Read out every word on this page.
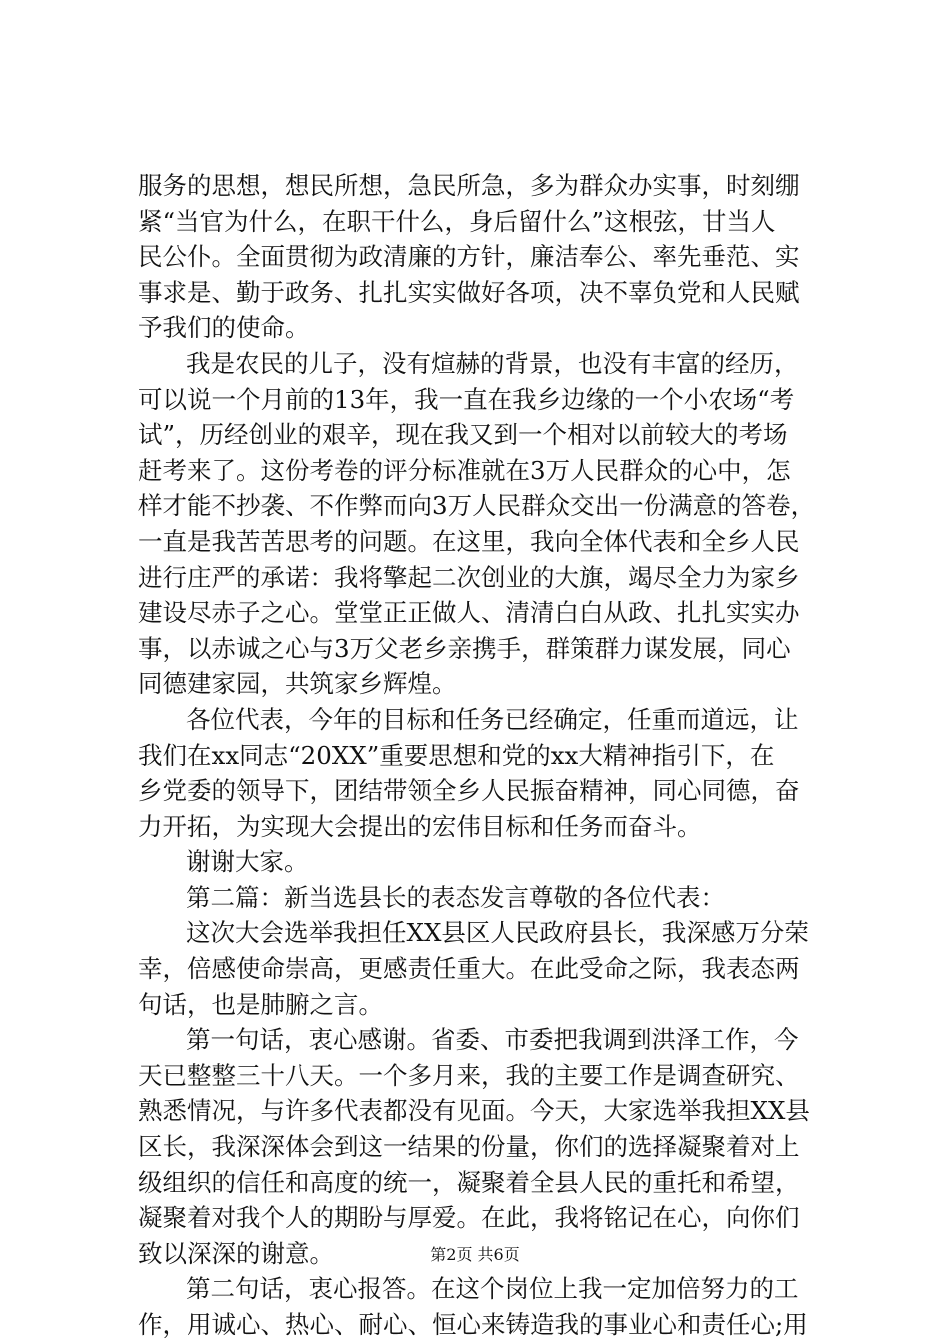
服务的思想，想民所想，急民所急，多为群众办实事，时刻绷
紧“当官为什么，在职干什么，身后留什么”这根弦，甘当人
民公仆。全面贯彻为政清廉的方针，廉洁奉公、率先垂范、实
事求是、勤于政务、扎扎实实做好各项，决不辜负党和人民赋
予我们的使命。
我是农民的儿子，没有煊赫的背景，也没有丰富的经历，
可以说一个月前的13年，我一直在我乡边缘的一个小农场“考
试”，历经创业的艰辛，现在我又到一个相对以前较大的考场
赶考来了。这份考卷的评分标准就在3万人民群众的心中，怎
样才能不抄袭、不作弊而向3万人民群众交出一份满意的答卷，
一直是我苦苦思考的问题。在这里，我向全体代表和全乡人民
进行庄严的承诺：我将擎起二次创业的大旗，竭尽全力为家乡
建设尽赤子之心。堂堂正正做人、清清白白从政、扎扎实实办
事，以赤诚之心与3万父老乡亲携手，群策群力谋发展，同心
同德建家园，共筑家乡辉煌。
各位代表，今年的目标和任务已经确定，任重而道远，让
我们在xx同志“20XX”重要思想和党的xx大精神指引下，在
乡党委的领导下，团结带领全乡人民振奋精神，同心同德，奋
力开拓，为实现大会提出的宏伟目标和任务而奋斗。
谢谢大家。
第二篇：新当选县长的表态发言尊敬的各位代表：
这次大会选举我担任XX县区人民政府县长，我深感万分荣
幸，倍感使命崇高，更感责任重大。在此受命之际，我表态两
句话，也是肺腑之言。
第一句话，衷心感谢。省委、市委把我调到洪泽工作，今
天已整整三十八天。一个多月来，我的主要工作是调查研究、
熟悉情况，与许多代表都没有见面。今天，大家选举我担XX县
区长，我深深体会到这一结果的份量，你们的选择凝聚着对上
级组织的信任和高度的统一，凝聚着全县人民的重托和希望，
凝聚着对我个人的期盼与厚爱。在此，我将铭记在心，向你们
致以深深的谢意。
第二句话，衷心报答。在这个岗位上我一定加倍努力的工
作，用诚心、热心、耐心、恒心来铸造我的事业心和责任心;用
第2页 共6页
